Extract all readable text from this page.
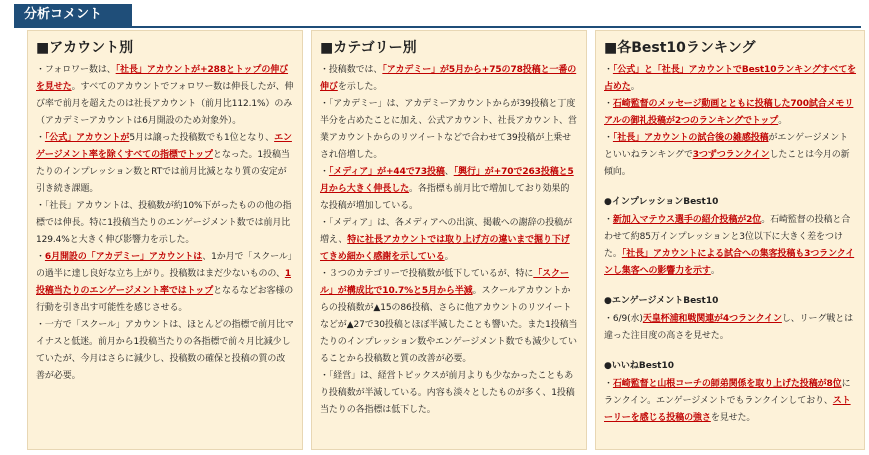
分析コメント
■アカウント別

・フォロワー数は、「社長」アカウントが+288とトップの伸びを見せた。すべてのアカウントでフォロワー数は伸長したが、伸び率で前月を超えたのは社長アカウント（前月比112.1%）のみ（アカデミーアカウントは6月開設のため対象外）。

・「公式」アカウントが5月は譲った投稿数でも1位となり、エンゲージメント率を除くすべての指標でトップとなった。1投稿当たりのインプレッション数とRTでは前月比減となり質の安定が引き続き課題。

・「社長」アカウントは、投稿数が約10%下がったものの他の指標では伸長。特に1投稿当たりのエンゲージメント数では前月比129.4%と大きく伸び影響力を示した。

・6月開設の「アカデミー」アカウントは、1か月で「スクール」の過半に達し良好な立ち上がり。投稿数はまだ少ないものの、1投稿当たりのエンゲージメント率ではトップとなるなどお客様の行動を引き出す可能性を感じさせる。

・一方で「スクール」アカウントは、ほとんどの指標で前月比マイナスと低迷。前月から1投稿当たりの各指標で前々月比減少していたが、今月はさらに減少し、投稿数の確保と投稿の質の改善が必要。

■カテゴリー別

・投稿数では、「アカデミー」が5月から+75の78投稿と一番の伸びを示した。

・「アカデミー」は、アカデミーアカウントからが39投稿と丁度半分を占めたことに加え、公式アカウント、社長アカウント、営業アカウントからのリツイートなどで合わせて39投稿が上乗せされ倍増した。

・「メディア」が+44で73投稿、「興行」が+70で263投稿と5月から大きく伸長した。各指標も前月比で増加しており効果的な投稿が増加している。

・「メディア」は、各メディアへの出演、掲載への謝辞の投稿が増え、特に社長アカウントでは取り上げ方の違いまで掘り下げてきめ細かく感謝を示している。

・３つのカテゴリーで投稿数が低下しているが、特に「スクール」が構成比で10.7%と5月から半減。スクールアカウントからの投稿数が▲15の86投稿、さらに他アカウントのリツイートなどが▲27で30投稿とほぼ半減したことも響いた。また1投稿当たりのインプレッション数やエンゲージメント数でも減少していることから投稿数と質の改善が必要。

・「経営」は、経営トピックスが前月よりも少なかったこともあり投稿数が半減している。内容も淡々としたものが多く、1投稿当たりの各指標は低下した。

■各Best10ランキング

・「公式」と「社長」アカウントでBest10ランキングすべてを占めた。

・石崎監督のメッセージ動画とともに投稿した700試合メモリアルの御礼投稿が2つのランキングでトップ。

・「社長」アカウントの試合後の雑感投稿がエンゲージメントといいねランキングで3つずつランクインしたことは今月の新傾向。

●インプレッションBest10

・新加入マテウス選手の紹介投稿が2位。石崎監督の投稿と合わせて約85万インプレッションと3位以下に大きく差をつけた。「社長」アカウントによる試合への集客投稿も3つランクインし集客への影響力を示す。

●エンゲージメントBest10

・6/9(水)天皇杯浦和戦関連が4つランクインし、リーグ戦とは違った注目度の高さを見せた。

●いいねBest10

・石崎監督と山根コーチの師弟関係を取り上げた投稿が8位にランクイン。エンゲージメントでもランクインしており、ストーリーを感じる投稿の強さを見せた。
